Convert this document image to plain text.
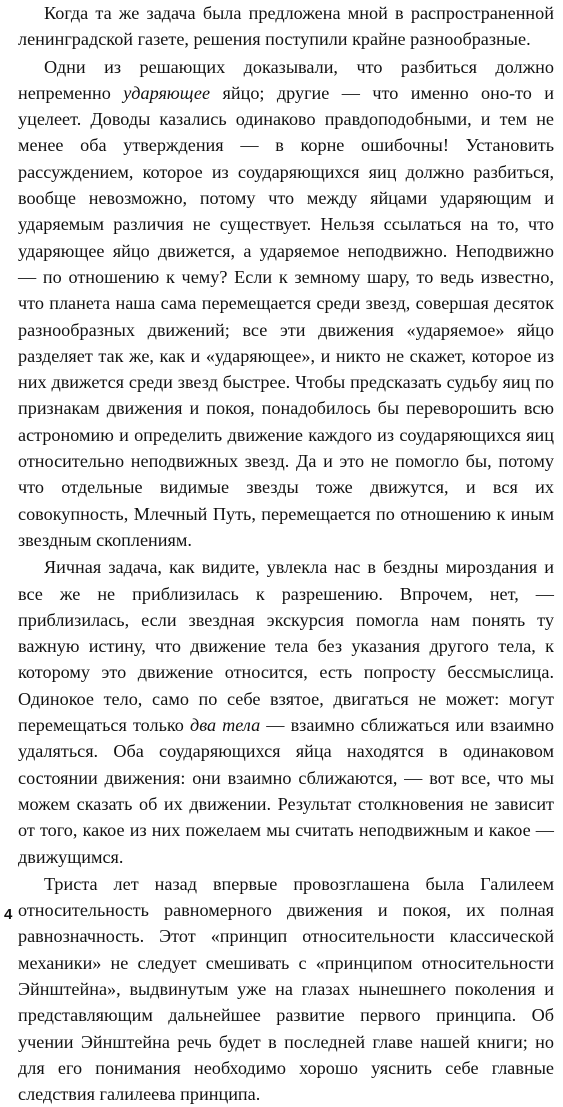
Когда та же задача была предложена мной в распространенной ленинградской газете, решения поступили крайне разнообразные.

Одни из решающих доказывали, что разбиться должно непременно ударяющее яйцо; другие — что именно оно-то и уцелеет. Доводы казались одинаково правдоподобными, и тем не менее оба утверждения — в корне ошибочны! Установить рассуждением, которое из соударяющихся яиц должно разбиться, вообще невозможно, потому что между яйцами ударяющим и ударяемым различия не существует. Нельзя ссылаться на то, что ударяющее яйцо движется, а ударяемое неподвижно. Неподвижно — по отношению к чему? Если к земному шару, то ведь известно, что планета наша сама перемещается среди звезд, совершая десяток разнообразных движений; все эти движения «ударяемое» яйцо разделяет так же, как и «ударяющее», и никто не скажет, которое из них движется среди звезд быстрее. Чтобы предсказать судьбу яиц по признакам движения и покоя, понадобилось бы переворошить всю астрономию и определить движение каждого из соударяющихся яиц относительно неподвижных звезд. Да и это не помогло бы, потому что отдельные видимые звезды тоже движутся, и вся их совокупность, Млечный Путь, перемещается по отношению к иным звездным скоплениям.

Яичная задача, как видите, увлекла нас в бездны мироздания и все же не приблизилась к разрешению. Впрочем, нет, — приблизилась, если звездная экскурсия помогла нам понять ту важную истину, что движение тела без указания другого тела, к которому это движение относится, есть попросту бессмыслица. Одинокое тело, само по себе взятое, двигаться не может: могут перемещаться только два тела — взаимно сближаться или взаимно удаляться. Оба соударяющихся яйца находятся в одинаковом состоянии движения: они взаимно сближаются, — вот все, что мы можем сказать об их движении. Результат столкновения не зависит от того, какое из них пожелаем мы считать неподвижным и какое — движущимся.

Триста лет назад впервые провозглашена была Галилеем относительность равномерного движения и покоя, их полная равнозначность. Этот «принцип относительности классической механики» не следует смешивать с «принципом относительности Эйнштейна», выдвинутым уже на глазах нынешнего поколения и представляющим дальнейшее развитие первого принципа. Об учении Эйнштейна речь будет в последней главе нашей книги; но для его понимания необходимо хорошо уяснить себе главные следствия галилеева принципа.

4
